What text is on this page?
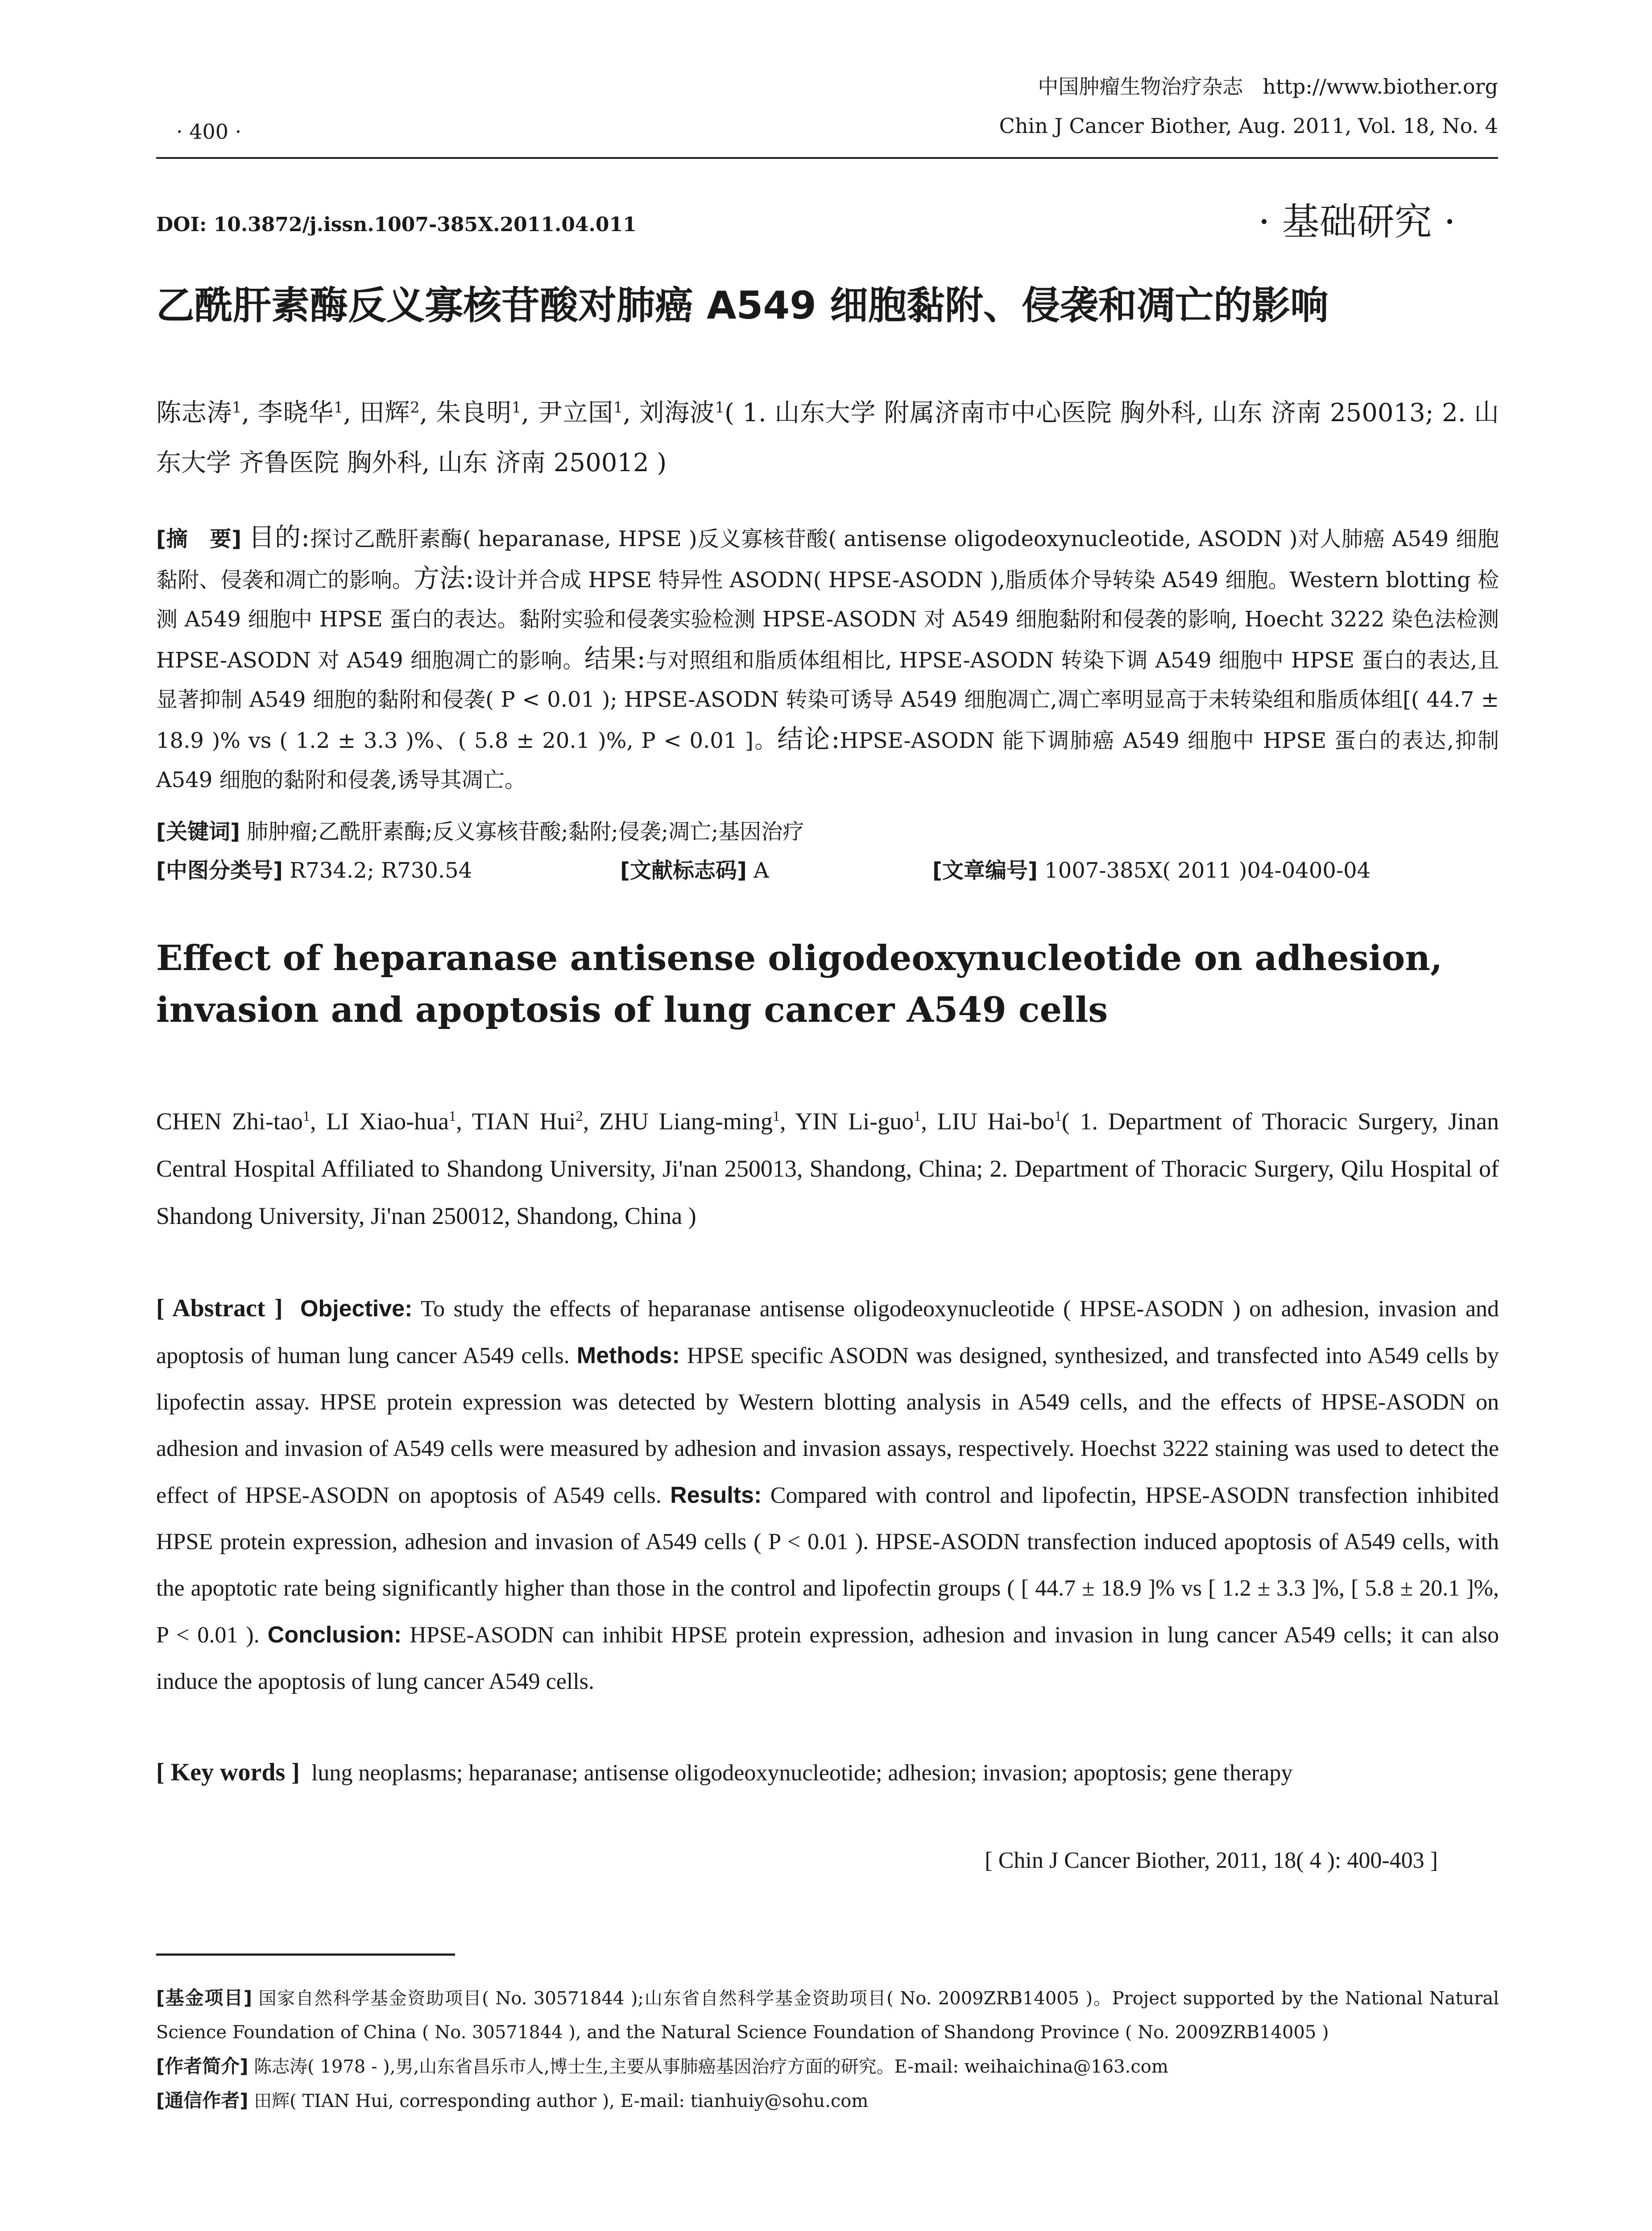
· 400 ·
中国肿瘤生物治疗杂志 http://www.biother.org
Chin J Cancer Biother, Aug. 2011, Vol. 18, No. 4
DOI: 10.3872/j.issn.1007-385X.2011.04.011	· 基础研究 ·
乙酰肝素酶反义寡核苷酸对肺癌 A549 细胞黏附、侵袭和凋亡的影响
陈志涛$^1$, 李晓华$^1$, 田辉$^2$, 朱良明$^1$, 尹立国$^1$, 刘海波$^1$( 1. 山东大学 附属济南市中心医院 胸外科, 山东 济南 250013; 2. 山东大学 齐鲁医院 胸外科, 山东 济南 250012 )
[摘　要] 目的:探讨乙酰肝素酶( heparanase, HPSE )反义寡核苷酸( antisense oligodeoxynucleotide, ASODN )对人肺癌 A549 细胞黏附、侵袭和凋亡的影响。方法:设计并合成 HPSE 特异性 ASODN( HPSE-ASODN ),脂质体介导转染 A549 细胞。Western blotting 检测 A549 细胞中 HPSE 蛋白的表达。黏附实验和侵袭实验检测 HPSE-ASODN 对 A549 细胞黏附和侵袭的影响, Hoecht 3222 染色法检测 HPSE-ASODN 对 A549 细胞凋亡的影响。结果:与对照组和脂质体组相比, HPSE-ASODN 转染下调 A549 细胞中 HPSE 蛋白的表达,且显著抑制 A549 细胞的黏附和侵袭( P < 0.01 ); HPSE-ASODN 转染可诱导 A549 细胞凋亡,凋亡率明显高于未转染组和脂质体组[( 44.7 ± 18.9 )% vs ( 1.2 ± 3.3 )%、( 5.8 ± 20.1 )%, P < 0.01 ]。结论:HPSE-ASODN 能下调肺癌 A549 细胞中 HPSE 蛋白的表达,抑制 A549 细胞的黏附和侵袭,诱导其凋亡。
[关键词] 肺肿瘤;乙酰肝素酶;反义寡核苷酸;黏附;侵袭;凋亡;基因治疗
[中图分类号] R734.2; R730.54	[文献标志码] A	[文章编号] 1007-385X( 2011 )04-0400-04
Effect of heparanase antisense oligodeoxynucleotide on adhesion, invasion and apoptosis of lung cancer A549 cells
CHEN Zhi-tao$^1$, LI Xiao-hua$^1$, TIAN Hui$^2$, ZHU Liang-ming$^1$, YIN Li-guo$^1$, LIU Hai-$bo^1$( 1. Department of Thoracic Surgery, Jinan Central Hospital Affiliated to Shandong University, Ji'nan 250013, Shandong, China; 2. Department of Thoracic Surgery, Qilu Hospital of Shandong University, Ji'nan 250012, Shandong, China )
[ Abstract ] Objective: To study the effects of heparanase antisense oligodeoxynucleotide ( HPSE-ASODN ) on adhesion, invasion and apoptosis of human lung cancer A549 cells. Methods: HPSE specific ASODN was designed, synthesized, and transfected into A549 cells by lipofectin assay. HPSE protein expression was detected by Western blotting analysis in A549 cells, and the effects of HPSE-ASODN on adhesion and invasion of A549 cells were measured by adhesion and invasion assays, respectively. Hoechst 3222 staining was used to detect the effect of HPSE-ASODN on apoptosis of A549 cells. Results: Compared with control and lipofectin, HPSE-ASODN transfection inhibited HPSE protein expression, adhesion and invasion of A549 cells ( P < 0.01 ). HPSE-ASODN transfection induced apoptosis of A549 cells, with the apoptotic rate being significantly higher than those in the control and lipofectin groups ( [ 44.7 ± 18.9 ]% vs [ 1.2 ± 3.3 ]%, [ 5.8 ± 20.1 ]%, P < 0.01 ). Conclusion: HPSE-ASODN can inhibit HPSE protein expression, adhesion and invasion in lung cancer A549 cells; it can also induce the apoptosis of lung cancer A549 cells.
[ Key words ] lung neoplasms; heparanase; antisense oligodeoxynucleotide; adhesion; invasion; apoptosis; gene therapy
[ Chin J Cancer Biother, 2011, 18( 4 ): 400-403 ]

[基金项目] 国家自然科学基金资助项目( No. 30571844 );山东省自然科学基金资助项目( No. 2009ZRB14005 )。Project supported by the National Natural Science Foundation of China ( No. 30571844 ), and the Natural Science Foundation of Shandong Province ( No. 2009ZRB14005 )

[作者简介] 陈志涛( 1978 - ),男,山东省昌乐市人,博士生,主要从事肺癌基因治疗方面的研究。E-mail: weihaichina@163.com

[通信作者] 田辉( TIAN Hui, corresponding author ), E-mail: tianhuiy@sohu.com
